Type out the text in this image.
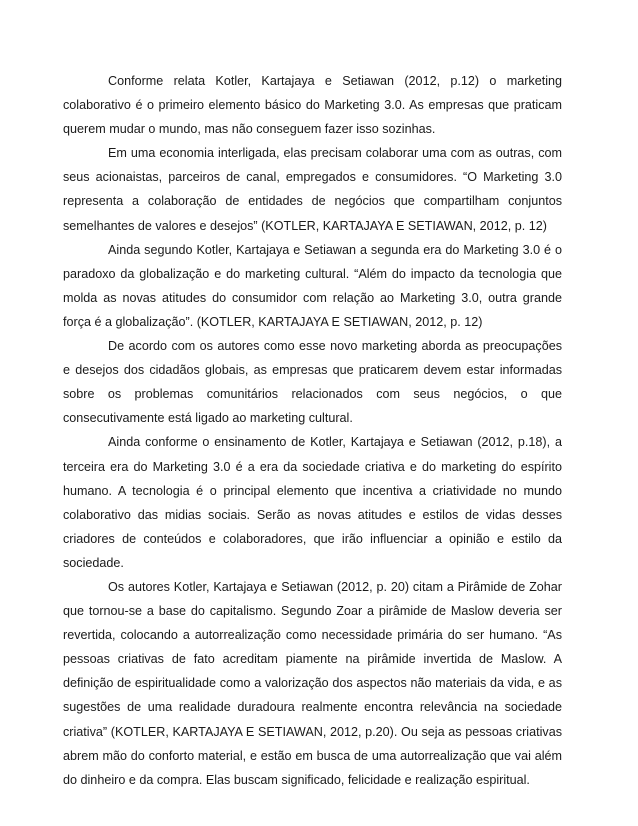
Conforme relata Kotler, Kartajaya e Setiawan (2012, p.12) o marketing colaborativo é o primeiro elemento básico do Marketing 3.0. As empresas que praticam querem mudar o mundo, mas não conseguem fazer isso sozinhas.

Em uma economia interligada, elas precisam colaborar uma com as outras, com seus acionaistas, parceiros de canal, empregados e consumidores. “O Marketing 3.0 representa a colaboração de entidades de negócios que compartilham conjuntos semelhantes de valores e desejos” (KOTLER, KARTAJAYA E SETIAWAN, 2012, p. 12)

Ainda segundo Kotler, Kartajaya e Setiawan a segunda era do Marketing 3.0 é o paradoxo da globalização e do marketing cultural. “Além do impacto da tecnologia que molda as novas atitudes do consumidor com relação ao Marketing 3.0, outra grande força é a globalização”. (KOTLER, KARTAJAYA E SETIAWAN, 2012, p. 12)

De acordo com os autores como esse novo marketing aborda as preocupações e desejos dos cidadãos globais, as empresas que praticarem devem estar informadas sobre os problemas comunitários relacionados com seus negócios, o que consecutivamente está ligado ao marketing cultural.

Ainda conforme o ensinamento de Kotler, Kartajaya e Setiawan (2012, p.18), a terceira era do Marketing 3.0 é a era da sociedade criativa e do marketing do espírito humano. A tecnologia é o principal elemento que incentiva a criatividade no mundo colaborativo das midias sociais. Serão as novas atitudes e estilos de vidas desses criadores de conteúdos e colaboradores, que irão influenciar a opinião e estilo da sociedade.

Os autores Kotler, Kartajaya e Setiawan (2012, p. 20) citam a Pirâmide de Zohar que tornou-se a base do capitalismo. Segundo Zoar a pirâmide de Maslow deveria ser revertida, colocando a autorrealização como necessidade primária do ser humano. “As pessoas criativas de fato acreditam piamente na pirâmide invertida de Maslow. A definição de espiritualidade como a valorização dos aspectos não materiais da vida, e as sugestões de uma realidade duradoura realmente encontra relevância na sociedade criativa” (KOTLER, KARTAJAYA E SETIAWAN, 2012, p.20). Ou seja as pessoas criativas abrem mão do conforto material, e estão em busca de uma autorrealização que vai além do dinheiro e da compra. Elas buscam significado, felicidade e realização espiritual.
